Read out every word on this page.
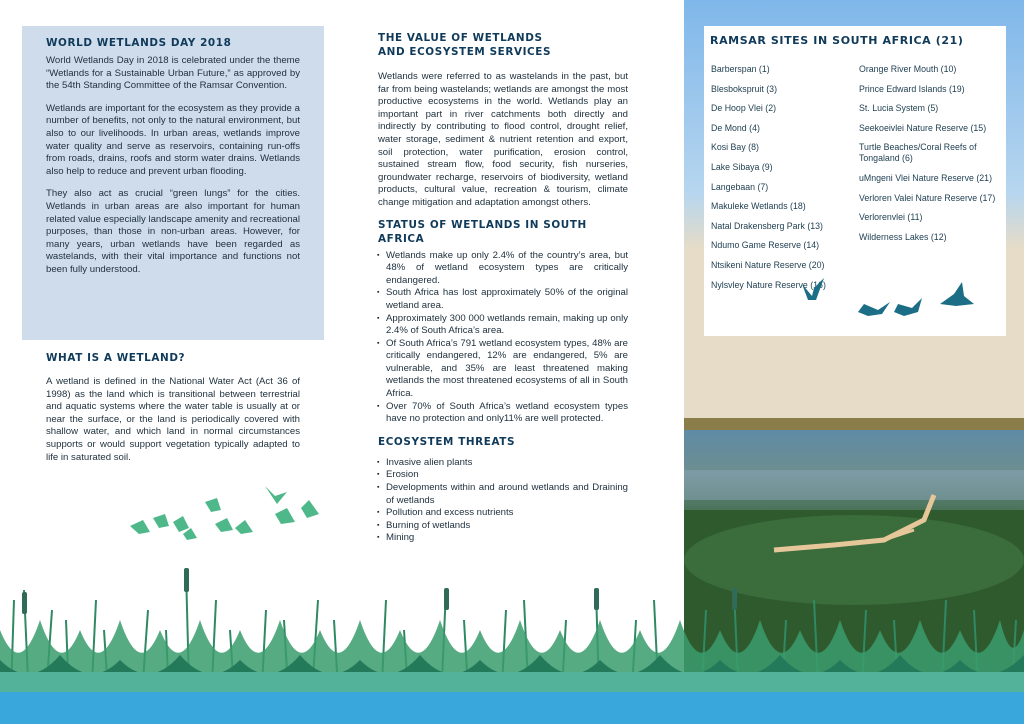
WORLD WETLANDS DAY 2018

World Wetlands Day in 2018 is celebrated under the theme “Wetlands for a Sustainable Urban Future,” as approved by the 54th Standing Committee of the Ramsar Convention.

Wetlands are important for the ecosystem as they provide a number of benefits, not only to the natural environment, but also to our livelihoods. In urban areas, wetlands improve water quality and serve as reservoirs, containing run-offs from roads, drains, roofs and storm water drains. Wetlands also help to reduce and prevent urban flooding.

They also act as crucial “green lungs” for the cities. Wetlands in urban areas are also important for human related value especially landscape amenity and recreational purposes, than those in non-urban areas. However, for many years, urban wetlands have been regarded as wastelands, with their vital importance and functions not been fully understood.

WHAT IS A WETLAND?

A wetland is defined in the National Water Act (Act 36 of 1998) as the land which is transitional between terrestrial and aquatic systems where the water table is usually at or near the surface, or the land is periodically covered with shallow water, and which land in normal circumstances supports or would support vegetation typically adapted to life in saturated soil.

THE VALUE OF WETLANDS
AND ECOSYSTEM SERVICES

Wetlands were referred to as wastelands in the past, but far from being wastelands; wetlands are amongst the most productive ecosystems in the world. Wetlands play an important part in river catchments both directly and indirectly by contributing to flood control, drought relief, water storage, sediment & nutrient retention and export, soil protection, water purification, erosion control, sustained stream flow, food security, fish nurseries, groundwater recharge, reservoirs of biodiversity, wetland products, cultural value, recreation & tourism, climate change mitigation and adaptation amongst others.

STATUS OF WETLANDS IN SOUTH AFRICA
▪ Wetlands make up only 2.4% of the country’s area, but 48% of wetland ecosystem types are critically endangered.
▪ South Africa has lost approximately 50% of the original wetland area.
▪ Approximately 300 000 wetlands remain, making up only 2.4% of South Africa’s area.
▪ Of South Africa’s 791 wetland ecosystem types, 48% are critically endangered, 12% are endangered, 5% are vulnerable, and 35% are least threatened making wetlands the most threatened ecosystems of all in South Africa.
▪ Over 70% of South Africa’s wetland ecosystem types have no protection and only11% are well protected.
ECOSYSTEM THREATS
▪ Invasive alien plants
▪ Erosion
▪ Developments within and around wetlands and Draining of wetlands
▪ Pollution and excess nutrients
▪ Burning of wetlands
▪ Mining
RAMSAR SITES IN SOUTH AFRICA (21)
Barberspan (1)
Blesbokspruit (3)
De Hoop Vlei (2)
De Mond (4)
Kosi Bay (8)
Lake Sibaya (9)
Langebaan (7)
Makuleke Wetlands (18)
Natal Drakensberg Park (13)
Ndumo Game Reserve (14)
Ntsikeni Nature Reserve (20)
Nylsvley Nature Reserve (16)
Orange River Mouth (10)
Prince Edward Islands (19)
St. Lucia System (5)
Seekoeivlei Nature Reserve (15)
Turtle Beaches/Coral Reefs of Tongaland (6)
uMngeni Vlei Nature Reserve (21)
Verloren Valei Nature Reserve (17)
Verlorenvlei (11)
Wilderness Lakes (12)
